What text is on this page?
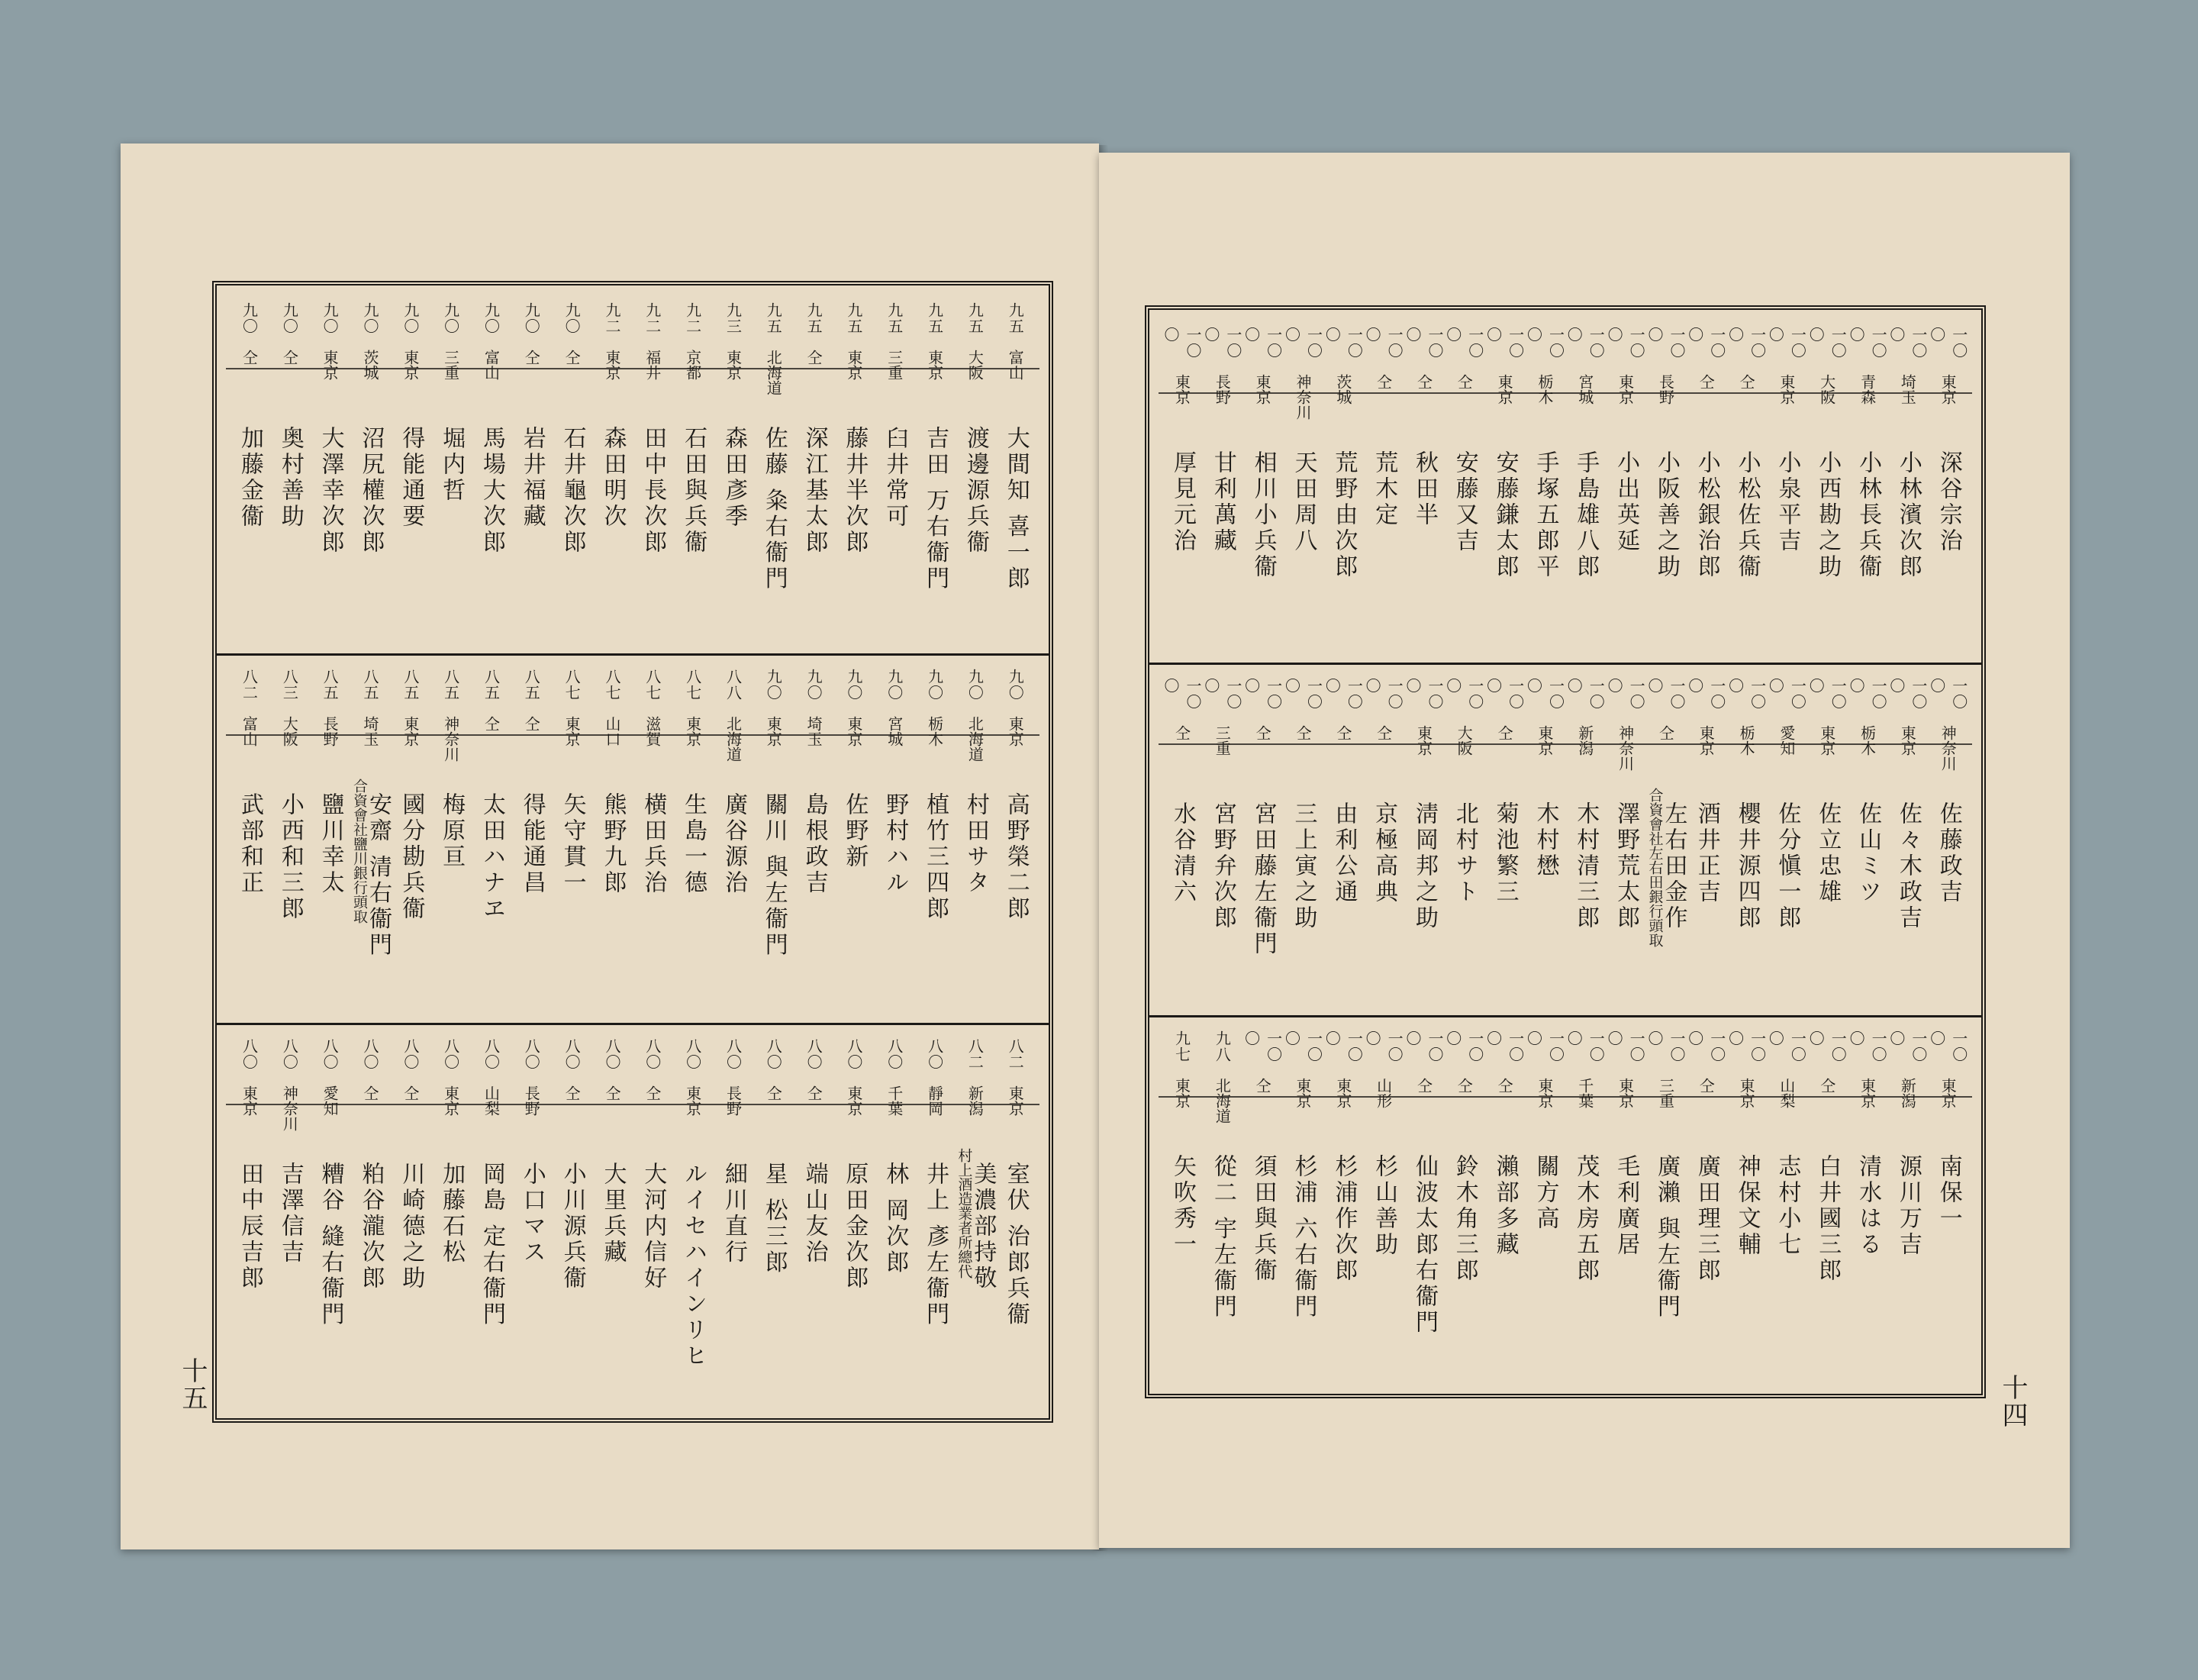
九五
富山
大間知 喜一郎
九五
大阪
渡邊源兵衞
九五
東京
吉田 万右衞門
九五
三重
臼井常可
九五
東京
藤井半次郎
九五
仝
深江基太郎
九五
北海道
佐藤 粂右衞門
九三
東京
森田彥季
九二
京都
石田與兵衞
九二
福井
田中長次郎
九二
東京
森田明次
九〇
仝
石井龜次郎
九〇
仝
岩井福藏
九〇
富山
馬場大次郎
九〇
三重
堀内哲
九〇
東京
得能通要
九〇
茨城
沼尻權次郎
九〇
東京
大澤幸次郎
九〇
仝
奥村善助
九〇
仝
加藤金衞
九〇
東京
高野榮二郎
九〇
北海道
村田サタ
九〇
栃木
植竹三四郎
九〇
宮城
野村ハル
九〇
東京
佐野新
九〇
埼玉
島根政吉
九〇
東京
關川 與左衞門
八八
北海道
廣谷源治
八七
東京
生島一德
八七
滋賀
横田兵治
八七
山口
熊野九郎
八七
東京
矢守貫一
八五
仝
得能通昌
八五
仝
太田ハナヱ
八五
神奈川
梅原亘
八五
東京
國分勘兵衞
八五
埼玉
安齋 清右衞門
合資會社鹽川銀行頭取
八五
長野
鹽川幸太
八三
大阪
小西和三郎
八二
富山
武部和正
八二
東京
室伏 治郎兵衞
八二
新潟
美濃部持敬
村上酒造業者所總代
八〇
靜岡
井上 彥左衞門
八〇
千葉
林 岡次郎
八〇
東京
原田金次郎
八〇
仝
端山友治
八〇
仝
星 松三郎
八〇
長野
細川直行
八〇
東京
ルイセハインリヒ
八〇
仝
大河内信好
八〇
仝
大里兵藏
八〇
仝
小川源兵衞
八〇
長野
小口マス
八〇
山梨
岡島 定右衞門
八〇
東京
加藤石松
八〇
仝
川崎德之助
八〇
仝
粕谷瀧次郎
八〇
愛知
糟谷 縫右衞門
八〇
神奈川
吉澤信吉
八〇
東京
田中辰吉郎
十五
一〇〇
東京
深谷宗治
一〇〇
埼玉
小林濱次郎
一〇〇
青森
小林長兵衞
一〇〇
大阪
小西勘之助
一〇〇
東京
小泉平吉
一〇〇
仝
小松佐兵衞
一〇〇
仝
小松銀治郎
一〇〇
長野
小阪善之助
一〇〇
東京
小出英延
一〇〇
宮城
手島雄八郎
一〇〇
栃木
手塚五郎平
一〇〇
東京
安藤鎌太郎
一〇〇
仝
安藤又吉
一〇〇
仝
秋田半
一〇〇
仝
荒木定
一〇〇
茨城
荒野由次郎
一〇〇
神奈川
天田周八
一〇〇
東京
相川小兵衞
一〇〇
長野
甘利萬藏
一〇〇
東京
厚見元治
一〇〇
神奈川
佐藤政吉
一〇〇
東京
佐々木政吉
一〇〇
栃木
佐山ミツ
一〇〇
東京
佐立忠雄
一〇〇
愛知
佐分愼一郎
一〇〇
栃木
櫻井源四郎
一〇〇
東京
酒井正吉
一〇〇
仝
左右田金作
合資會社左右田銀行頭取
一〇〇
神奈川
澤野荒太郎
一〇〇
新潟
木村清三郎
一〇〇
東京
木村懋
一〇〇
仝
菊池繁三
一〇〇
大阪
北村サト
一〇〇
東京
淸岡邦之助
一〇〇
仝
京極高典
一〇〇
仝
由利公通
一〇〇
仝
三上寅之助
一〇〇
仝
宮田藤左衞門
一〇〇
三重
宮野弁次郎
一〇〇
仝
水谷清六
一〇〇
東京
南保一
一〇〇
新潟
源川万吉
一〇〇
東京
清水はる
一〇〇
仝
白井國三郎
一〇〇
山梨
志村小七
一〇〇
東京
神保文輔
一〇〇
仝
廣田理三郎
一〇〇
三重
廣瀨 與左衞門
一〇〇
東京
毛利廣居
一〇〇
千葉
茂木房五郎
一〇〇
東京
關方高
一〇〇
仝
瀨部多藏
一〇〇
仝
鈴木角三郎
一〇〇
仝
仙波太郎右衞門
一〇〇
山形
杉山善助
一〇〇
東京
杉浦作次郎
一〇〇
東京
杉浦 六右衞門
一〇〇
仝
須田與兵衞
九八
北海道
從二 宇左衞門
九七
東京
矢吹秀一
十四
